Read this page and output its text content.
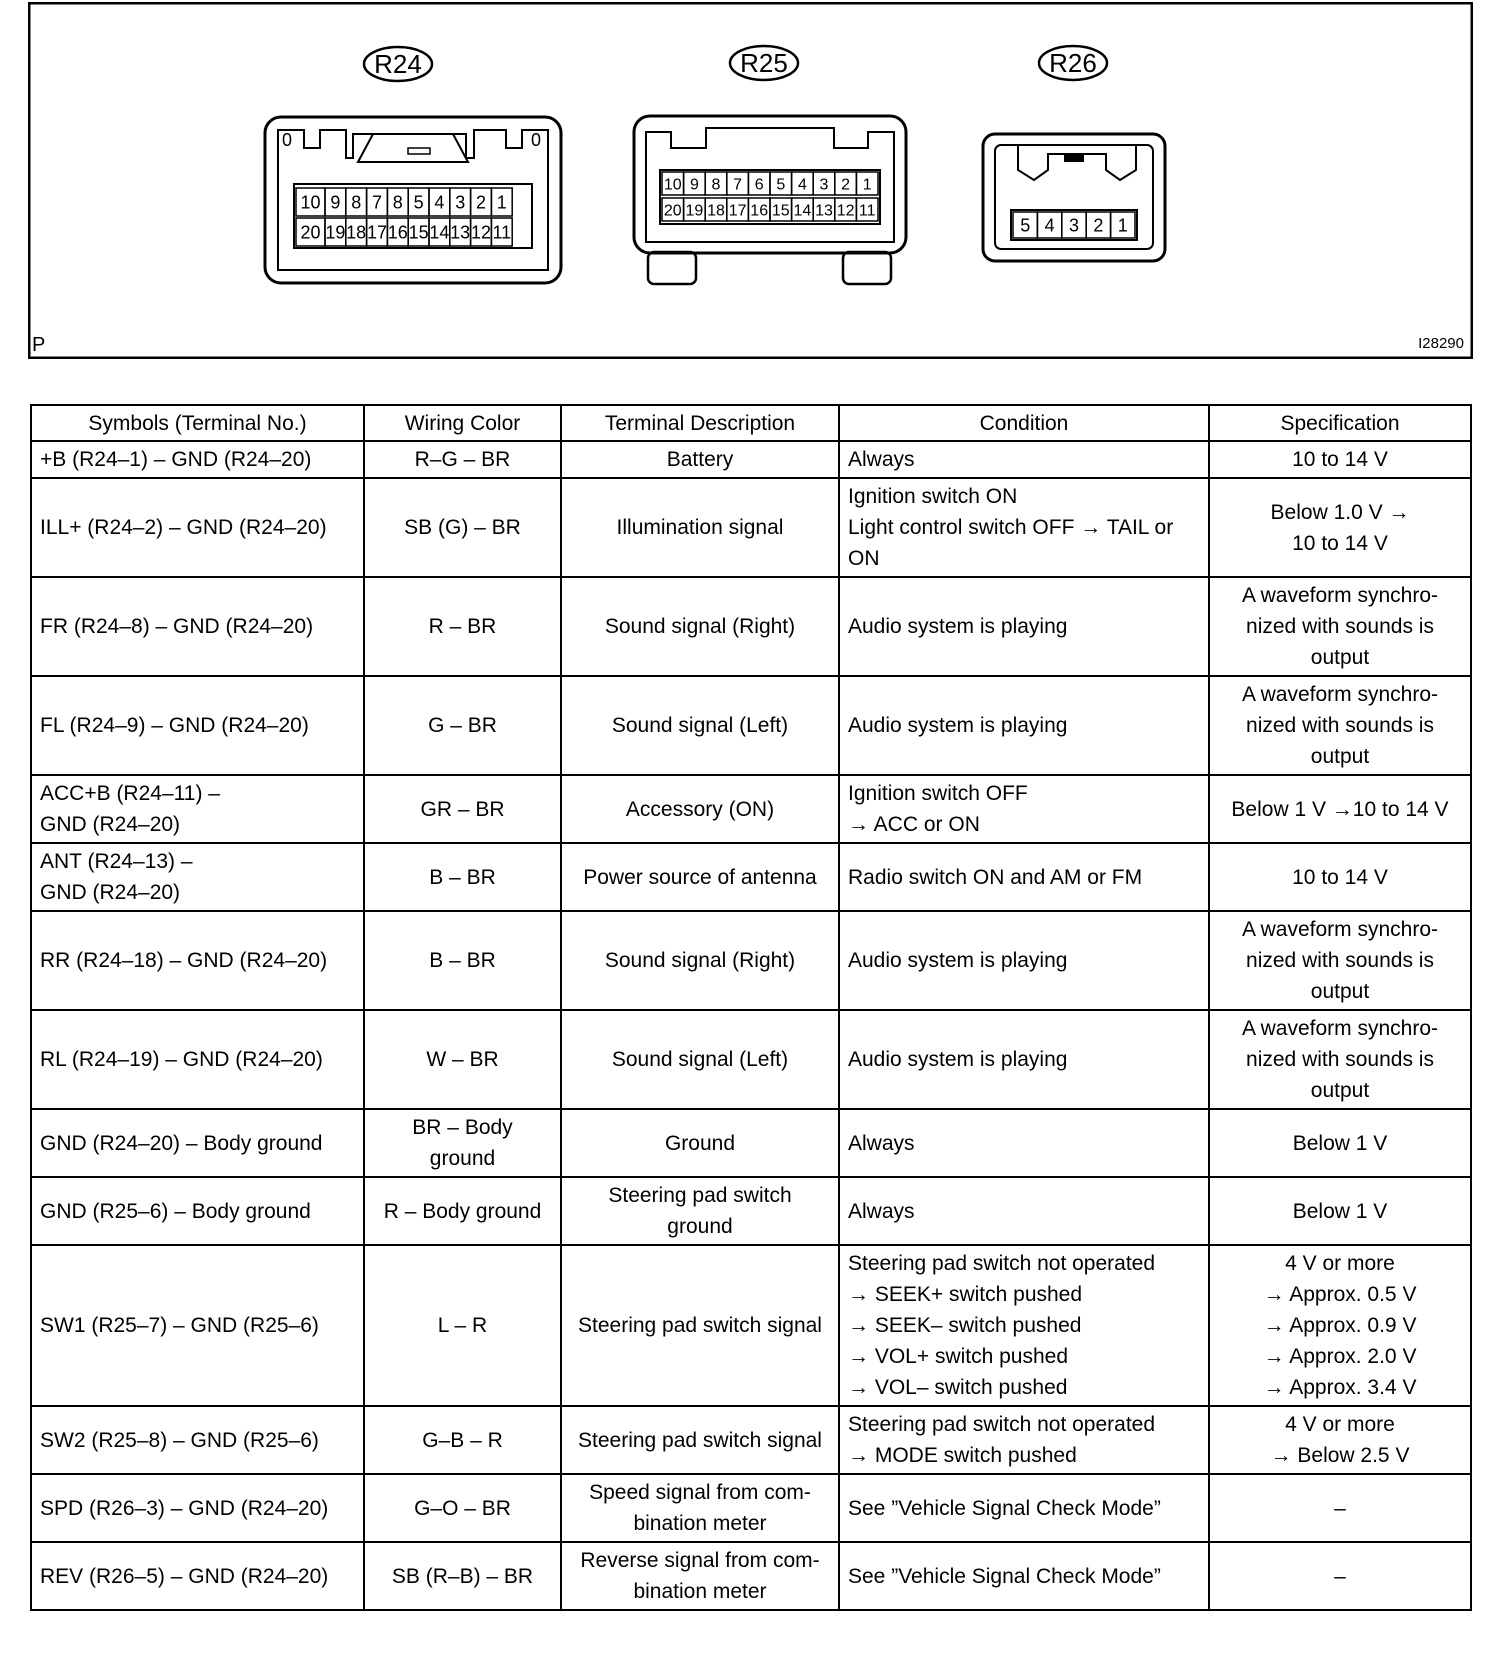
R24
0	0
10 9 8 7 8 5 4 3 2 1
20 19 18 17 16 15 14 13 12 11
R25
10 9 8 7 6 5 4 3 2 1
20 19 18 17 16 15 14 13 12 11
R26
5 4 3 2 1
P	I28290
Symbols (Terminal No.)	Wiring Color	Terminal Description	Condition	Specification

+B (R24–1) – GND (R24–20)	R–G – BR	Battery	Always	10 to 14 V

ILL+ (R24–2) – GND (R24–20)	SB (G) – BR	Illumination signal	Ignition switch ON
Light control switch OFF → TAIL or
ON	Below 1.0 V →
10 to 14 V

FR (R24–8) – GND (R24–20)	R – BR	Sound signal (Right)	Audio system is playing	A waveform synchro-
nized with sounds is
output

FL (R24–9) – GND (R24–20)	G – BR	Sound signal (Left)	Audio system is playing	A waveform synchro-
nized with sounds is
output

ACC+B (R24–11) –
GND (R24–20)	GR – BR	Accessory (ON)	Ignition switch OFF
→ ACC or ON	Below 1 V →10 to 14 V

ANT (R24–13) –
GND (R24–20)	B – BR	Power source of antenna	Radio switch ON and AM or FM	10 to 14 V

RR (R24–18) – GND (R24–20)	B – BR	Sound signal (Right)	Audio system is playing	A waveform synchro-
nized with sounds is
output

RL (R24–19) – GND (R24–20)	W – BR	Sound signal (Left)	Audio system is playing	A waveform synchro-
nized with sounds is
output

GND (R24–20) – Body ground	BR – Body
ground	Ground	Always	Below 1 V

GND (R25–6) – Body ground	R – Body ground	Steering pad switch
ground	Always	Below 1 V

SW1 (R25–7) – GND (R25–6)	L – R	Steering pad switch signal	Steering pad switch not operated
→ SEEK+ switch pushed
→ SEEK– switch pushed
→ VOL+ switch pushed
→ VOL– switch pushed	4 V or more
→ Approx. 0.5 V
→ Approx. 0.9 V
→ Approx. 2.0 V
→ Approx. 3.4 V

SW2 (R25–8) – GND (R25–6)	G–B – R	Steering pad switch signal	Steering pad switch not operated
→ MODE switch pushed	4 V or more
→ Below 2.5 V

SPD (R26–3) – GND (R24–20)	G–O – BR	Speed signal from com-
bination meter	See ”Vehicle Signal Check Mode”	–

REV (R26–5) – GND (R24–20)	SB (R–B) – BR	Reverse signal from com-
bination meter	See ”Vehicle Signal Check Mode”	–
